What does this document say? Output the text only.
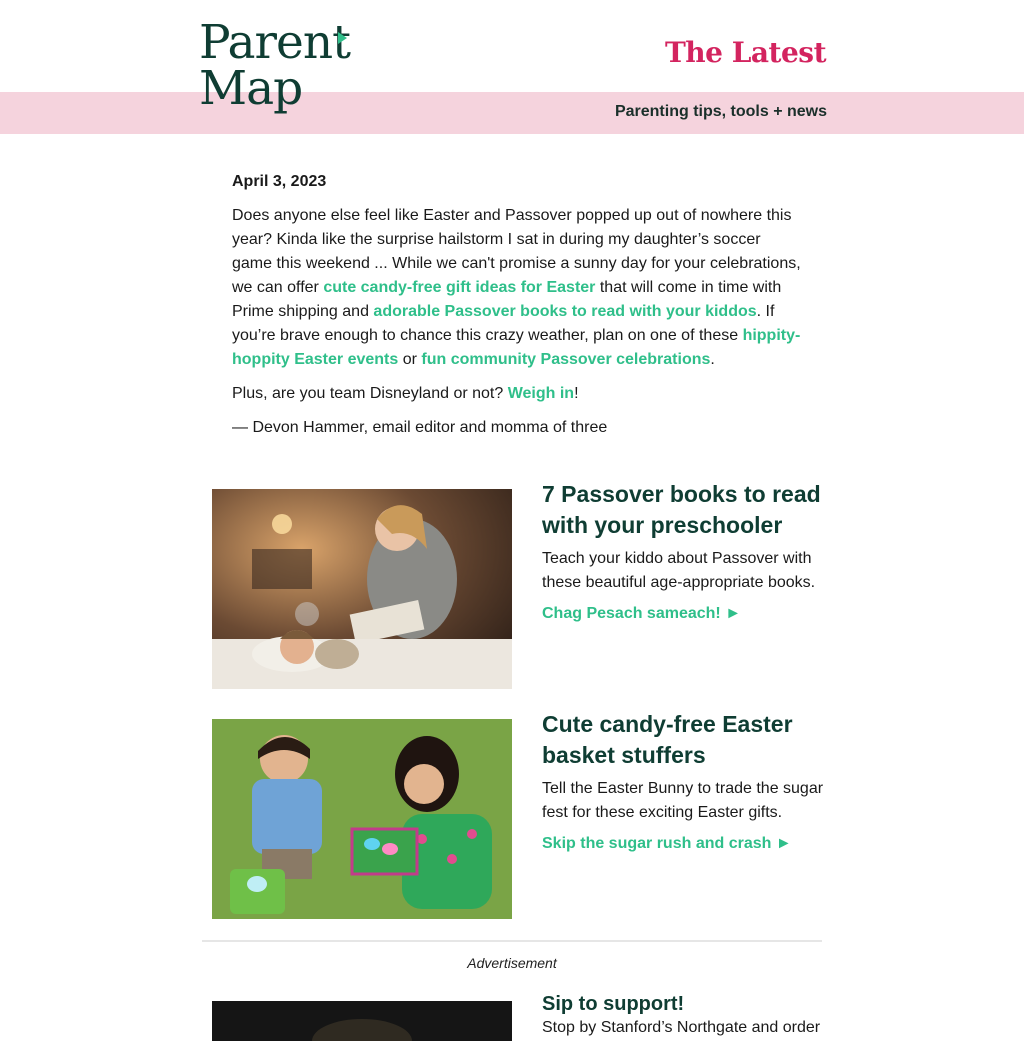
Parent
Map
The Latest
Parenting tips, tools + news
April 3, 2023

Does anyone else feel like Easter and Passover popped up out of nowhere this year? Kinda like the surprise hailstorm I sat in during my daughter’s soccer game this weekend ... While we can't promise a sunny day for your celebrations, we can offer cute candy-free gift ideas for Easter that will come in time with Prime shipping and adorable Passover books to read with your kiddos. If you’re brave enough to chance this crazy weather, plan on one of these hippity-hoppity Easter events or fun community Passover celebrations.

Plus, are you team Disneyland or not? Weigh in!

— Devon Hammer, email editor and momma of three

7 Passover books to read with your preschooler
Teach your kiddo about Passover with these beautiful age-appropriate books.
Chag Pesach sameach! ►
Cute candy-free Easter basket stuffers
Tell the Easter Bunny to trade the sugar fest for these exciting Easter gifts.
Skip the sugar rush and crash ►
Advertisement
Sip to support!
Stop by Stanford’s Northgate and order
